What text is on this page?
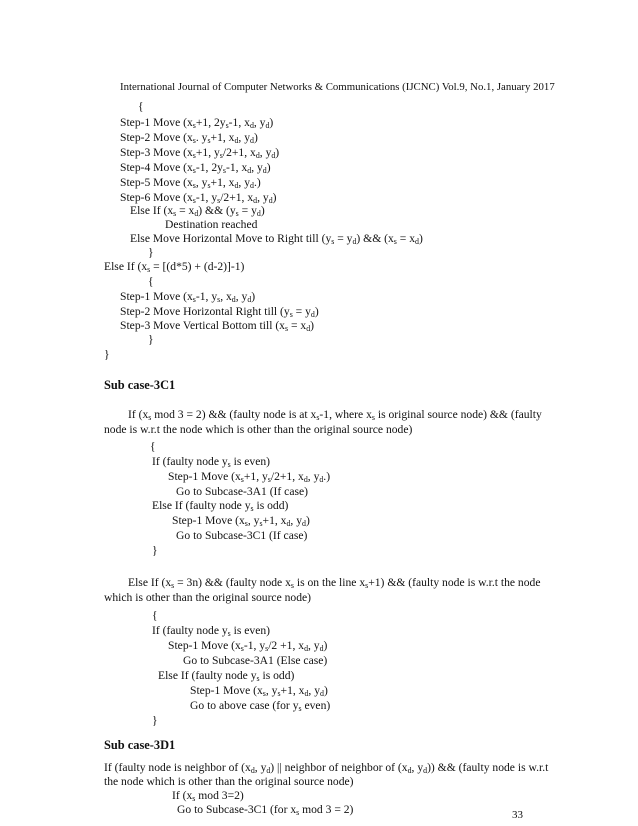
International Journal of Computer Networks & Communications (IJCNC) Vol.9, No.1, January 2017
{
Step-1 Move ($x_s+1$, $2y_s-1$, $x_d$, $y_d$)
Step-2 Move ($x_s$. $y_s+1$, $x_d$, $y_d$)
Step-3 Move ($x_s+1$, $y_s/2+1$, $x_d$, $y_d$)
Step-4 Move ($x_s-1$, $2y_s-1$, $x_d$, $y_d$)
Step-5 Move ($x_s$, $y_s+1$, $x_d$, $y_d$.)
Step-6 Move ($x_s-1$, $y_s/2+1$, $x_d$, $y_d$)
Else If $(x_s = x_d)$ && $(y_s = y_d)$
Destination reached
Else Move Horizontal Move to Right till $(y_s = y_d)$ && $(x_s = x_d)$
}
Else If $(x_s = [(d*5) + (d-2)]-1)$
{
Step-1 Move ($x_s-1$, $y_s$, $x_d$, $y_d$)
Step-2 Move Horizontal Right till $(y_s = y_d)$
Step-3 Move Vertical Bottom till $(x_s = x_d)$
}
}
Sub case-3C1
If ($x_s$ mod 3 = 2) && (faulty node is at $x_s-1$, where $x_s$ is original source node) && (faulty
node is w.r.t the node which is other than the original source node)
{
If (faulty node $y_s$ is even)
Step-1 Move ($x_s+1$, $y_s/2+1$, $x_d$, $y_d$.)
Go to Subcase-3A1 (If case)
Else If (faulty node $y_s$ is odd)
Step-1 Move ($x_s$, $y_s+1$, $x_d$, $y_d$)
Go to Subcase-3C1 (If case)
}
Else If $(x_s = 3n)$ && (faulty node $x_s$ is on the line $x_s+1$) && (faulty node is w.r.t the node
which is other than the original source node)
{
If (faulty node $y_s$ is even)
Step-1 Move ($x_s-1$, $y_s/2 +1$, $x_d$, $y_d$)
Go to Subcase-3A1 (Else case)
Else If (faulty node $y_s$ is odd)
Step-1 Move ($x_s$, $y_s+1$, $x_d$, $y_d$)
Go to above case (for $y_s$ even)
}
Sub case-3D1
If (faulty node is neighbor of ($x_d$, $y_d$) || neighbor of neighbor of ($x_d$, $y_d$)) && (faulty node is w.r.t
the node which is other than the original source node)
If ($x_s$ mod 3=2)
Go to Subcase-3C1 (for $x_s$ mod 3 = 2)	33
